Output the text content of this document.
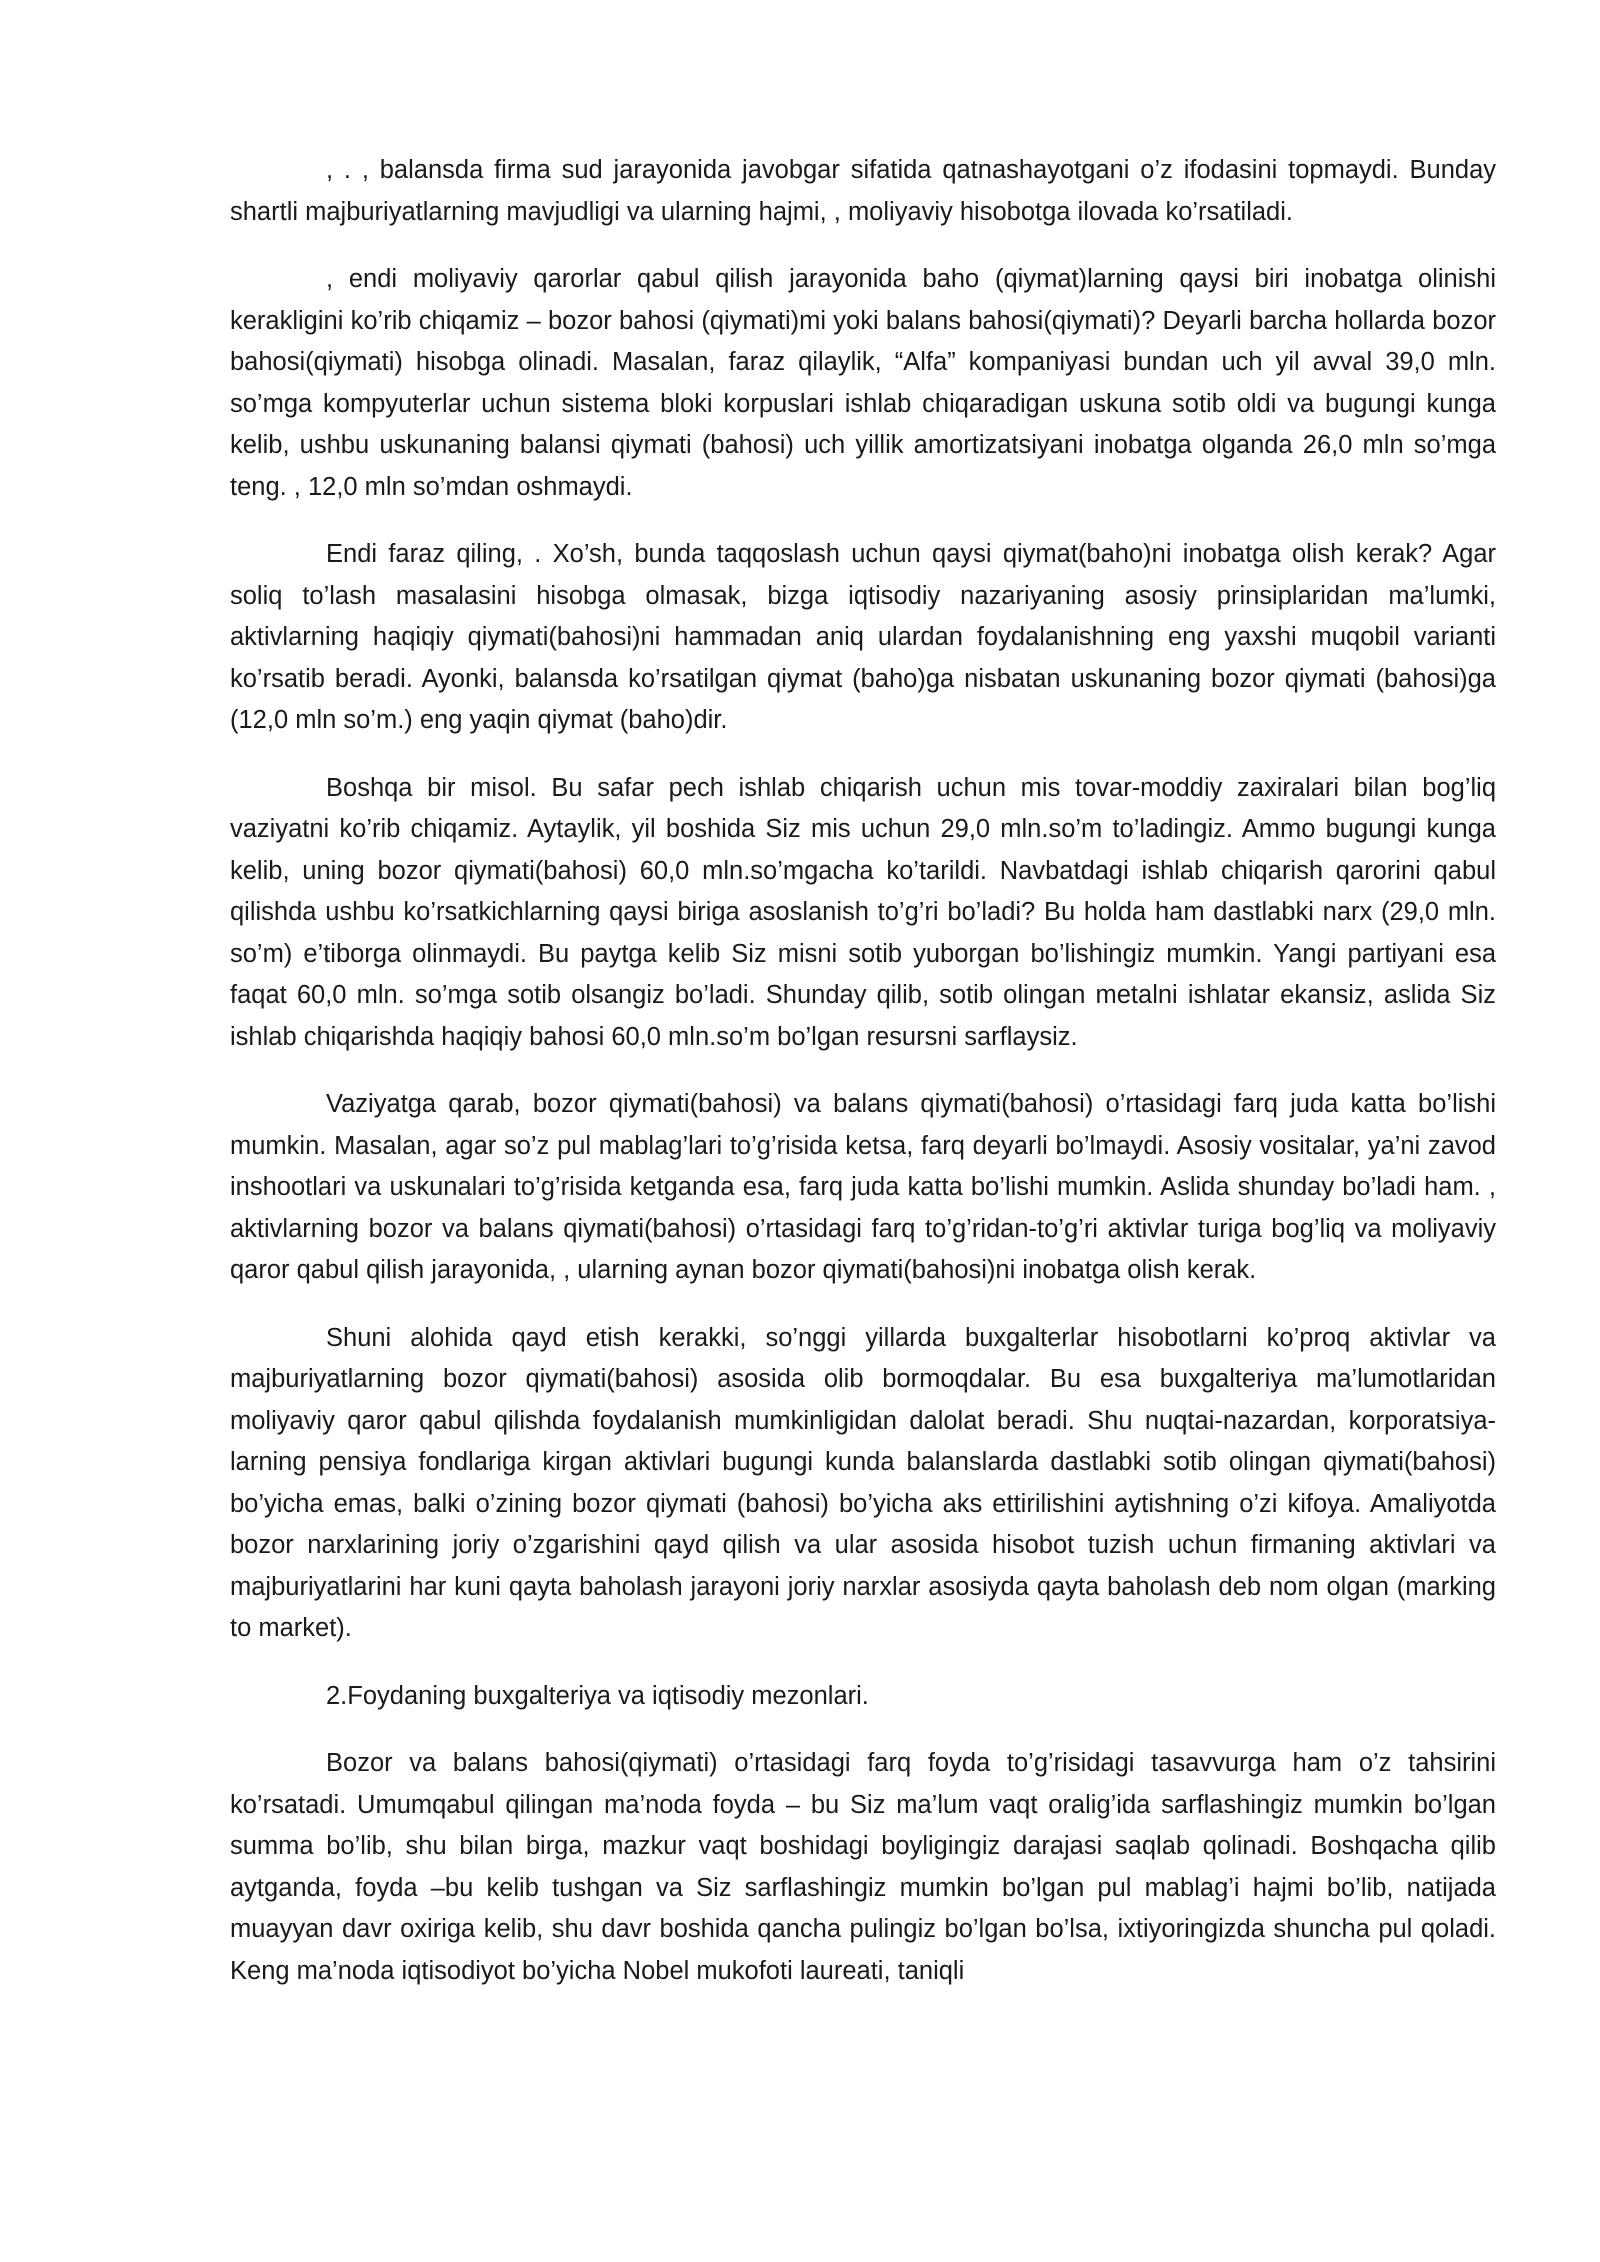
, . , balansda firma sud jarayonida javobgar sifatida qatnashayotgani o’z ifodasini topmaydi. Bunday shartli majburiyatlarning mavjudligi va ularning hajmi, , moliyaviy hisobotga ilovada ko’rsatiladi.

, endi moliyaviy qarorlar qabul qilish jarayonida baho (qiymat)larning qaysi biri inobatga olinishi kerakligini ko’rib chiqamiz – bozor bahosi (qiymati)mi yoki balans bahosi(qiymati)? Deyarli barcha hollarda bozor bahosi(qiymati) hisobga olinadi. Masalan, faraz qilaylik, “Alfa” kompaniyasi bundan uch yil avval 39,0 mln. so’mga kompyuterlar uchun sistema bloki korpuslari ishlab chiqaradigan uskuna sotib oldi va bugungi kunga kelib, ushbu uskunaning balansi qiymati (bahosi) uch yillik amortizatsiyani inobatga olganda 26,0 mln so’mga teng. , 12,0 mln so’mdan oshmaydi.

Endi faraz qiling, . Xo’sh, bunda taqqoslash uchun qaysi qiymat(baho)ni inobatga olish kerak? Agar soliq to’lash masalasini hisobga olmasak, bizga iqtisodiy nazariyaning asosiy prinsiplaridan ma’lumki, aktivlarning haqiqiy qiymati(bahosi)ni hammadan aniq ulardan foydalanishning eng yaxshi muqobil varianti ko’rsatib beradi. Ayonki, balansda ko’rsatilgan qiymat (baho)ga nisbatan uskunaning bozor qiymati (bahosi)ga (12,0 mln so’m.) eng yaqin qiymat (baho)dir.

Boshqa bir misol. Bu safar pech ishlab chiqarish uchun mis tovar-moddiy zaxiralari bilan bog’liq vaziyatni ko’rib chiqamiz. Aytaylik, yil boshida Siz mis uchun 29,0 mln.so’m to’ladingiz. Ammo bugungi kunga kelib, uning bozor qiymati(bahosi) 60,0 mln.so’mgacha ko’tarildi. Navbatdagi ishlab chiqarish qarorini qabul qilishda ushbu ko’rsatkichlarning qaysi biriga asoslanish to’g’ri bo’ladi? Bu holda ham dastlabki narx (29,0 mln. so’m) e’tiborga olinmaydi. Bu paytga kelib Siz misni sotib yuborgan bo’lishingiz mumkin. Yangi partiyani esa faqat 60,0 mln. so’mga sotib olsangiz bo’ladi. Shunday qilib, sotib olingan metalni ishlatar ekansiz, aslida Siz ishlab chiqarishda haqiqiy bahosi 60,0 mln.so’m bo’lgan resursni sarflaysiz.

Vaziyatga qarab, bozor qiymati(bahosi) va balans qiymati(bahosi) o’rtasidagi farq juda katta bo’lishi mumkin. Masalan, agar so’z pul mablag’lari to’g’risida ketsa, farq deyarli bo’lmaydi. Asosiy vositalar, ya’ni zavod inshootlari va uskunalari to’g’risida ketganda esa, farq juda katta bo’lishi mumkin. Aslida shunday bo’ladi ham. , aktivlarning bozor va balans qiymati(bahosi) o’rtasidagi farq to’g’ridan-to’g’ri aktivlar turiga bog’liq va moliyaviy qaror qabul qilish jarayonida, , ularning aynan bozor qiymati(bahosi)ni inobatga olish kerak.

Shuni alohida qayd etish kerakki, so’nggi yillarda buxgalterlar hisobotlarni ko’proq aktivlar va majburiyatlarning bozor qiymati(bahosi) asosida olib bormoqdalar. Bu esa buxgalteriya ma’lumotlaridan moliyaviy qaror qabul qilishda foydalanish mumkinligidan dalolat beradi. Shu nuqtai-nazardan, korporatsiya-larning pensiya fondlariga kirgan aktivlari bugungi kunda balanslarda dastlabki sotib olingan qiymati(bahosi) bo’yicha emas, balki o’zining bozor qiymati (bahosi) bo’yicha aks ettirilishini aytishning o’zi kifoya. Amaliyotda bozor narxlarining joriy o’zgarishini qayd qilish va ular asosida hisobot tuzish uchun firmaning aktivlari va majburiyatlarini har kuni qayta baholash jarayoni joriy narxlar asosiyda qayta baholash deb nom olgan (marking to market).

2.Foydaning buxgalteriya va iqtisodiy mezonlari.

Bozor va balans bahosi(qiymati) o’rtasidagi farq foyda to’g’risidagi tasavvurga ham o’z tahsirini ko’rsatadi. Umumqabul qilingan ma’noda foyda – bu Siz ma’lum vaqt oralig’ida sarflashingiz mumkin bo’lgan summa bo’lib, shu bilan birga, mazkur vaqt boshidagi boyligingiz darajasi saqlab qolinadi. Boshqacha qilib aytganda, foyda –bu kelib tushgan va Siz sarflashingiz mumkin bo’lgan pul mablag’i hajmi bo’lib, natijada muayyan davr oxiriga kelib, shu davr boshida qancha pulingiz bo’lgan bo’lsa, ixtiyoringizda shuncha pul qoladi. Keng ma’noda iqtisodiyot bo’yicha Nobel mukofoti laureati, taniqli
